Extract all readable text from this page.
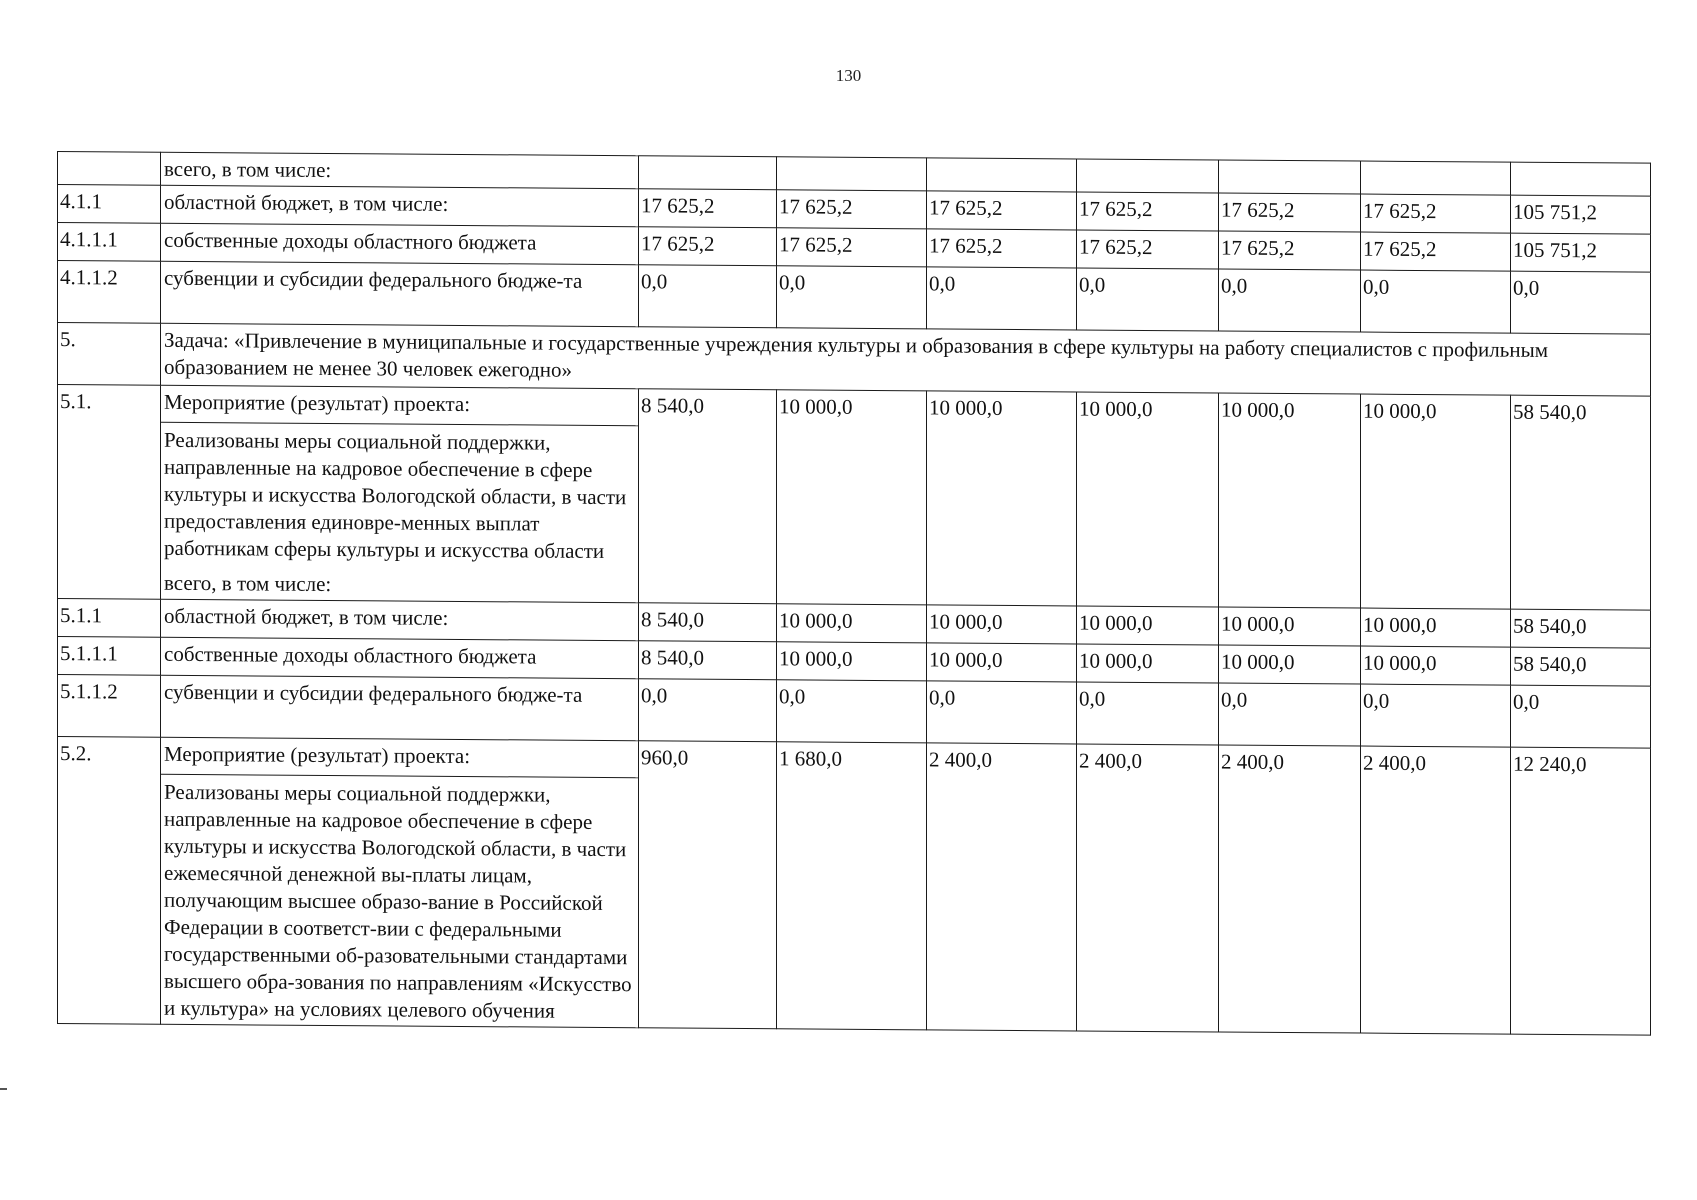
130
	всего, в том числе:							
4.1.1	областной бюджет, в том числе:	17 625,2	17 625,2	17 625,2	17 625,2	17 625,2	17 625,2	105 751,2
4.1.1.1	собственные доходы областного бюджета	17 625,2	17 625,2	17 625,2	17 625,2	17 625,2	17 625,2	105 751,2
4.1.1.2	субвенции и субсидии федерального бюдже-та	0,0	0,0	0,0	0,0	0,0	0,0	0,0
5.	Задача: «Привлечение в муниципальные и государственные учреждения культуры и образования в сфере культуры на работу специалистов с профильным образованием не менее 30 человек ежегодно»							
5.1.	Мероприятие (результат) проекта:
Реализованы меры социальной поддержки, направленные на кадровое обеспечение в сфере культуры и искусства Вологодской области, в части предоставления единовре-менных выплат работникам сферы культуры и искусства области
всего, в том числе:	8 540,0	10 000,0	10 000,0	10 000,0	10 000,0	10 000,0	58 540,0
5.1.1	областной бюджет, в том числе:	8 540,0	10 000,0	10 000,0	10 000,0	10 000,0	10 000,0	58 540,0
5.1.1.1	собственные доходы областного бюджета	8 540,0	10 000,0	10 000,0	10 000,0	10 000,0	10 000,0	58 540,0
5.1.1.2	субвенции и субсидии федерального бюдже-та	0,0	0,0	0,0	0,0	0,0	0,0	0,0
5.2.	Мероприятие (результат) проекта:
Реализованы меры социальной поддержки, направленные на кадровое обеспечение в сфере культуры и искусства Вологодской области, в части ежемесячной денежной вы-платы лицам, получающим высшее образо-вание в Российской Федерации в соответст-вии с федеральными государственными об-разовательными стандартами высшего обра-зования по направлениям «Искусство и культура» на условиях целевого обучения	960,0	1 680,0	2 400,0	2 400,0	2 400,0	2 400,0	12 240,0
